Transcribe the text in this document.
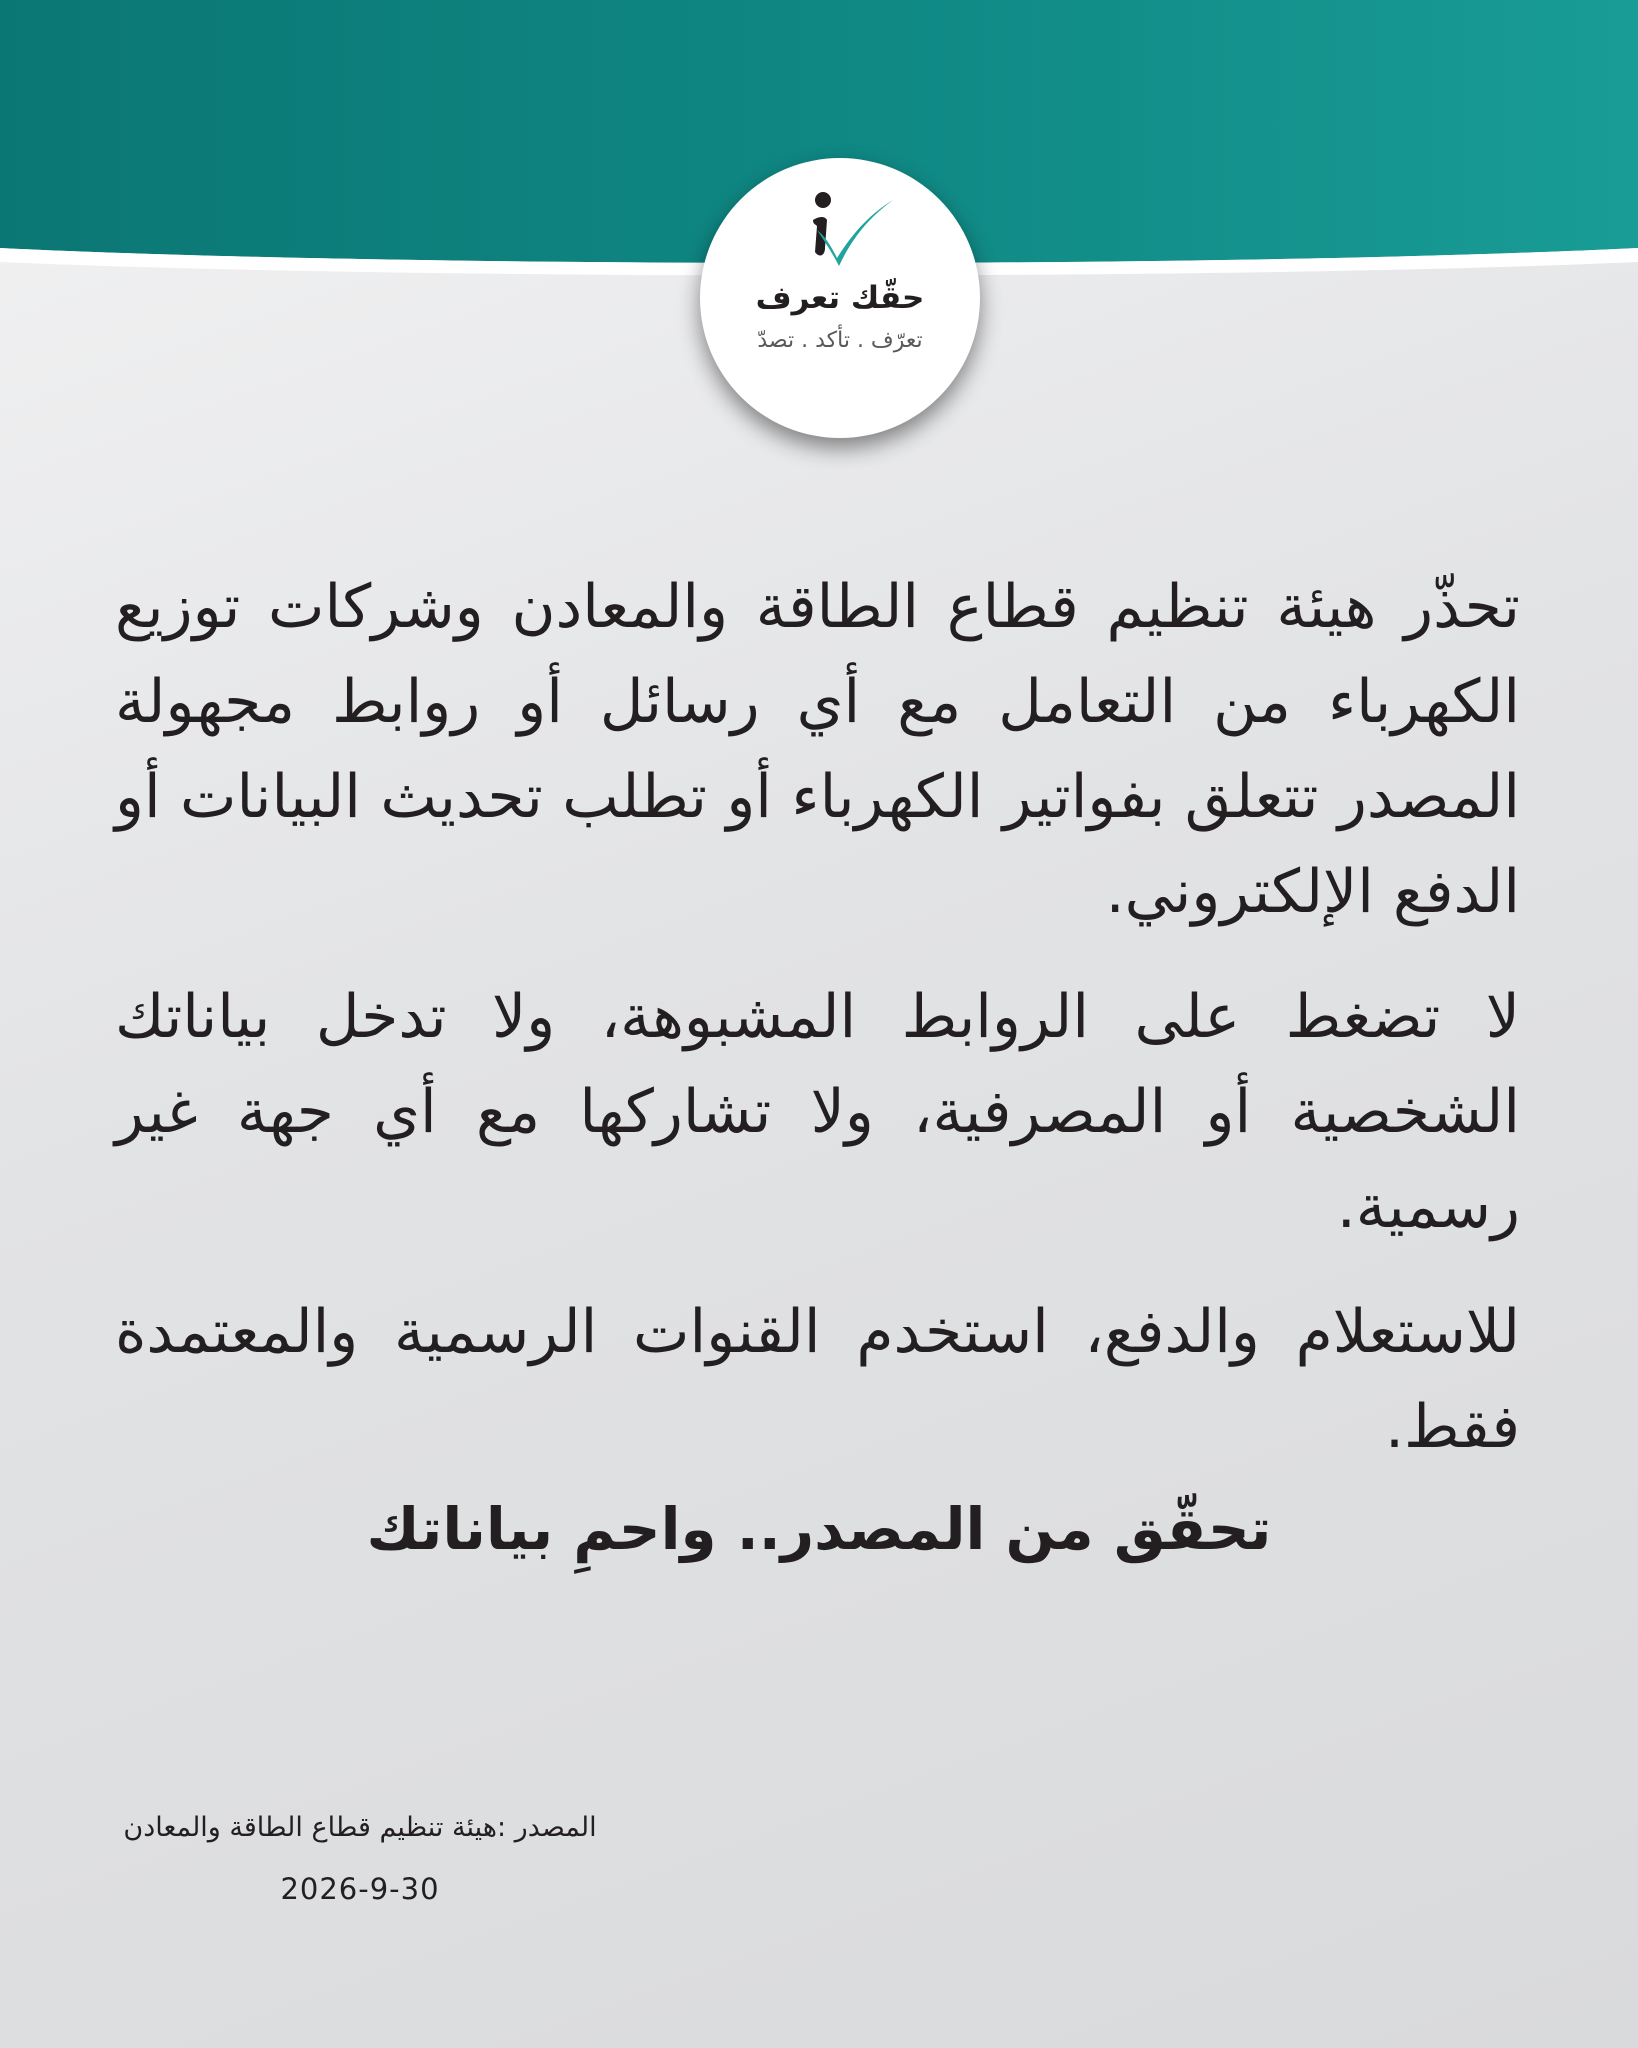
حقّك تعرف
تعرّف . تأكد . تصدّ

تحذّر هيئة تنظيم قطاع الطاقة والمعادن وشركات توزيع الكهرباء من التعامل مع أي رسائل أو روابط مجهولة المصدر تتعلق بفواتير الكهرباء أو تطلب تحديث البيانات أو الدفع الإلكتروني.

لا تضغط على الروابط المشبوهة، ولا تدخل بياناتك الشخصية أو المصرفية، ولا تشاركها مع أي جهة غير رسمية.

للاستعلام والدفع، استخدم القنوات الرسمية والمعتمدة فقط.

تحقّق من المصدر.. واحمِ بياناتك
المصدر :هيئة تنظيم قطاع الطاقة والمعادن
2026-9-30
